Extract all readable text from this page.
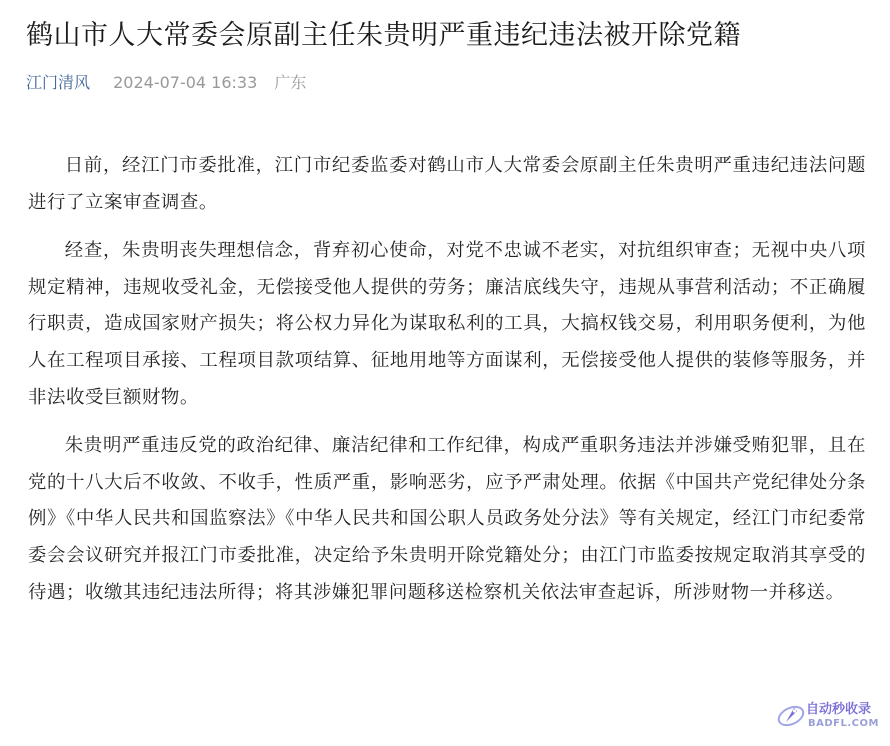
鹤山市人大常委会原副主任朱贵明严重违纪违法被开除党籍
江门清风 2024-07-04 16:33 广东

日前，经江门市委批准，江门市纪委监委对鹤山市人大常委会原副主任朱贵明严重违纪违法问题进行了立案审查调查。

经查，朱贵明丧失理想信念，背弃初心使命，对党不忠诚不老实，对抗组织审查；无视中央八项规定精神，违规收受礼金，无偿接受他人提供的劳务；廉洁底线失守，违规从事营利活动；不正确履行职责，造成国家财产损失；将公权力异化为谋取私利的工具，大搞权钱交易，利用职务便利，为他人在工程项目承接、工程项目款项结算、征地用地等方面谋利，无偿接受他人提供的装修等服务，并非法收受巨额财物。

朱贵明严重违反党的政治纪律、廉洁纪律和工作纪律，构成严重职务违法并涉嫌受贿犯罪，且在党的十八大后不收敛、不收手，性质严重，影响恶劣，应予严肃处理。依据《中国共产党纪律处分条例》《中华人民共和国监察法》《中华人民共和国公职人员政务处分法》等有关规定，经江门市纪委常委会会议研究并报江门市委批准，决定给予朱贵明开除党籍处分；由江门市监委按规定取消其享受的待遇；收缴其违纪违法所得；将其涉嫌犯罪问题移送检察机关依法审查起诉，所涉财物一并移送。

自动秒收录
BADFL.COM
